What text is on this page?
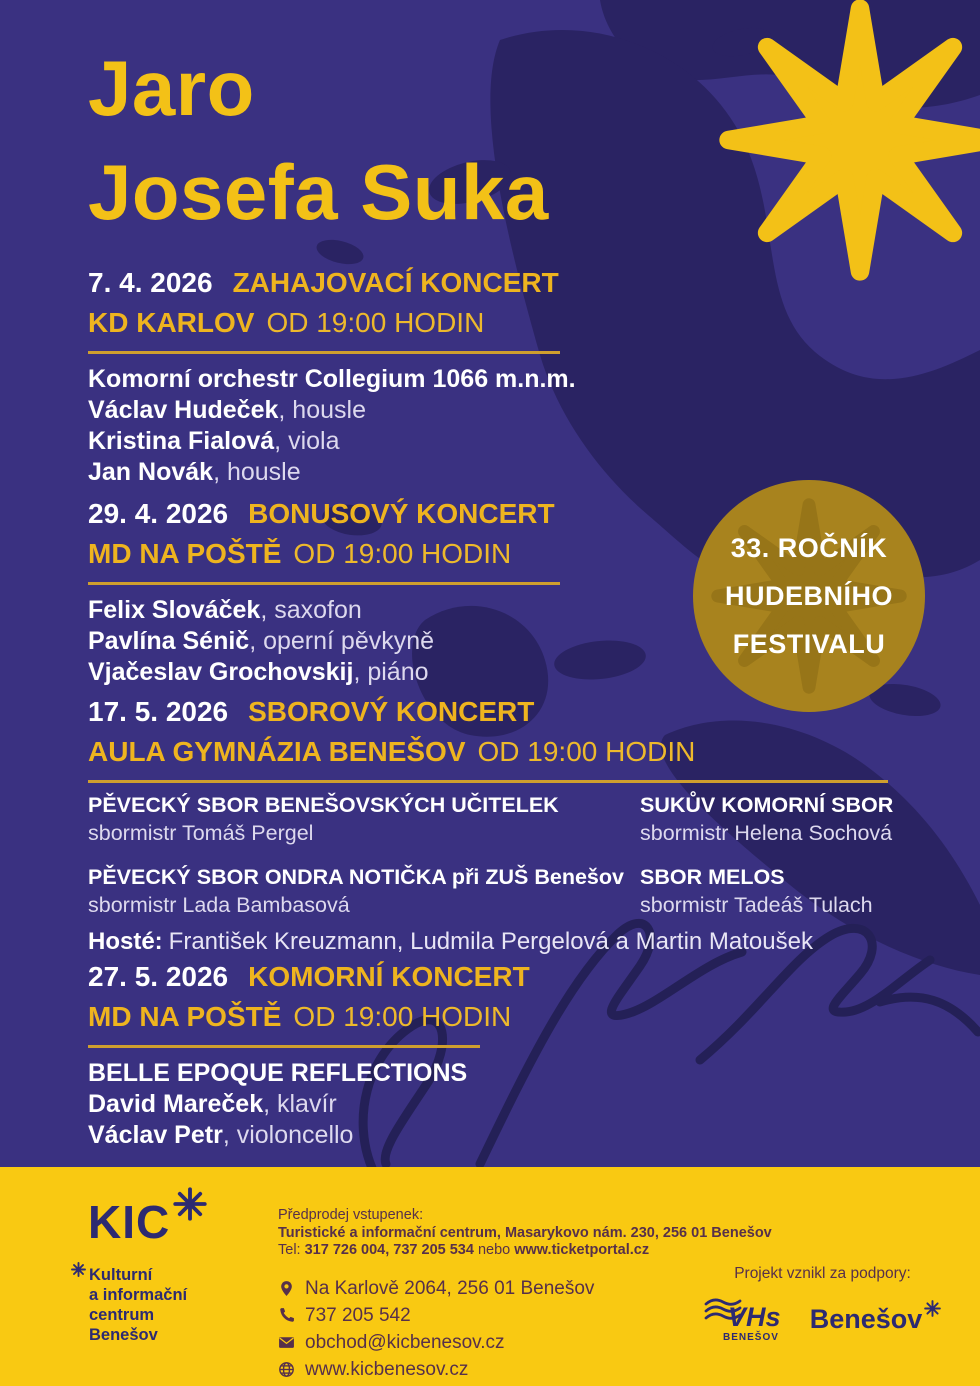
Jaro
Josefa Suka
7. 4. 2026 ZAHAJOVACÍ KONCERT
KD KARLOV OD 19:00 HODIN
Komorní orchestr Collegium 1066 m.n.m.
Václav Hudeček, housle
Kristina Fialová, viola
Jan Novák, housle
29. 4. 2026 BONUSOVÝ KONCERT
MD NA POŠTĚ OD 19:00 HODIN
Felix Slováček, saxofon
Pavlína Sénič, operní pěvkyně
Vjačeslav Grochovskij, piáno
33. ROČNÍK
HUDEBNÍHO
FESTIVALU
17. 5. 2026 SBOROVÝ KONCERT
AULA GYMNÁZIA BENEŠOV OD 19:00 HODIN
PĚVECKÝ SBOR BENEŠOVSKÝCH UČITELEK
sbormistr Tomáš Pergel
SUKŮV KOMORNÍ SBOR
sbormistr Helena Sochová
PĚVECKÝ SBOR ONDRA NOTIČKA při ZUŠ Benešov
sbormistr Lada Bambasová
SBOR MELOS
sbormistr Tadeáš Tulach
Hosté: František Kreuzmann, Ludmila Pergelová a Martin Matoušek
27. 5. 2026 KOMORNÍ KONCERT
MD NA POŠTĚ OD 19:00 HODIN
BELLE EPOQUE REFLECTIONS
David Mareček, klavír
Václav Petr, violoncello
KIC
Kulturní
a informační
centrum
Benešov
Předprodej vstupenek:
Turistické a informační centrum, Masarykovo nám. 230, 256 01 Benešov
Tel: 317 726 004, 737 205 534 nebo www.ticketportal.cz
Na Karlově 2064, 256 01 Benešov
737 205 542
obchod@kicbenesov.cz
www.kicbenesov.cz
Projekt vznikl za podpory:
VHs
BENEŠOV
Benešov
